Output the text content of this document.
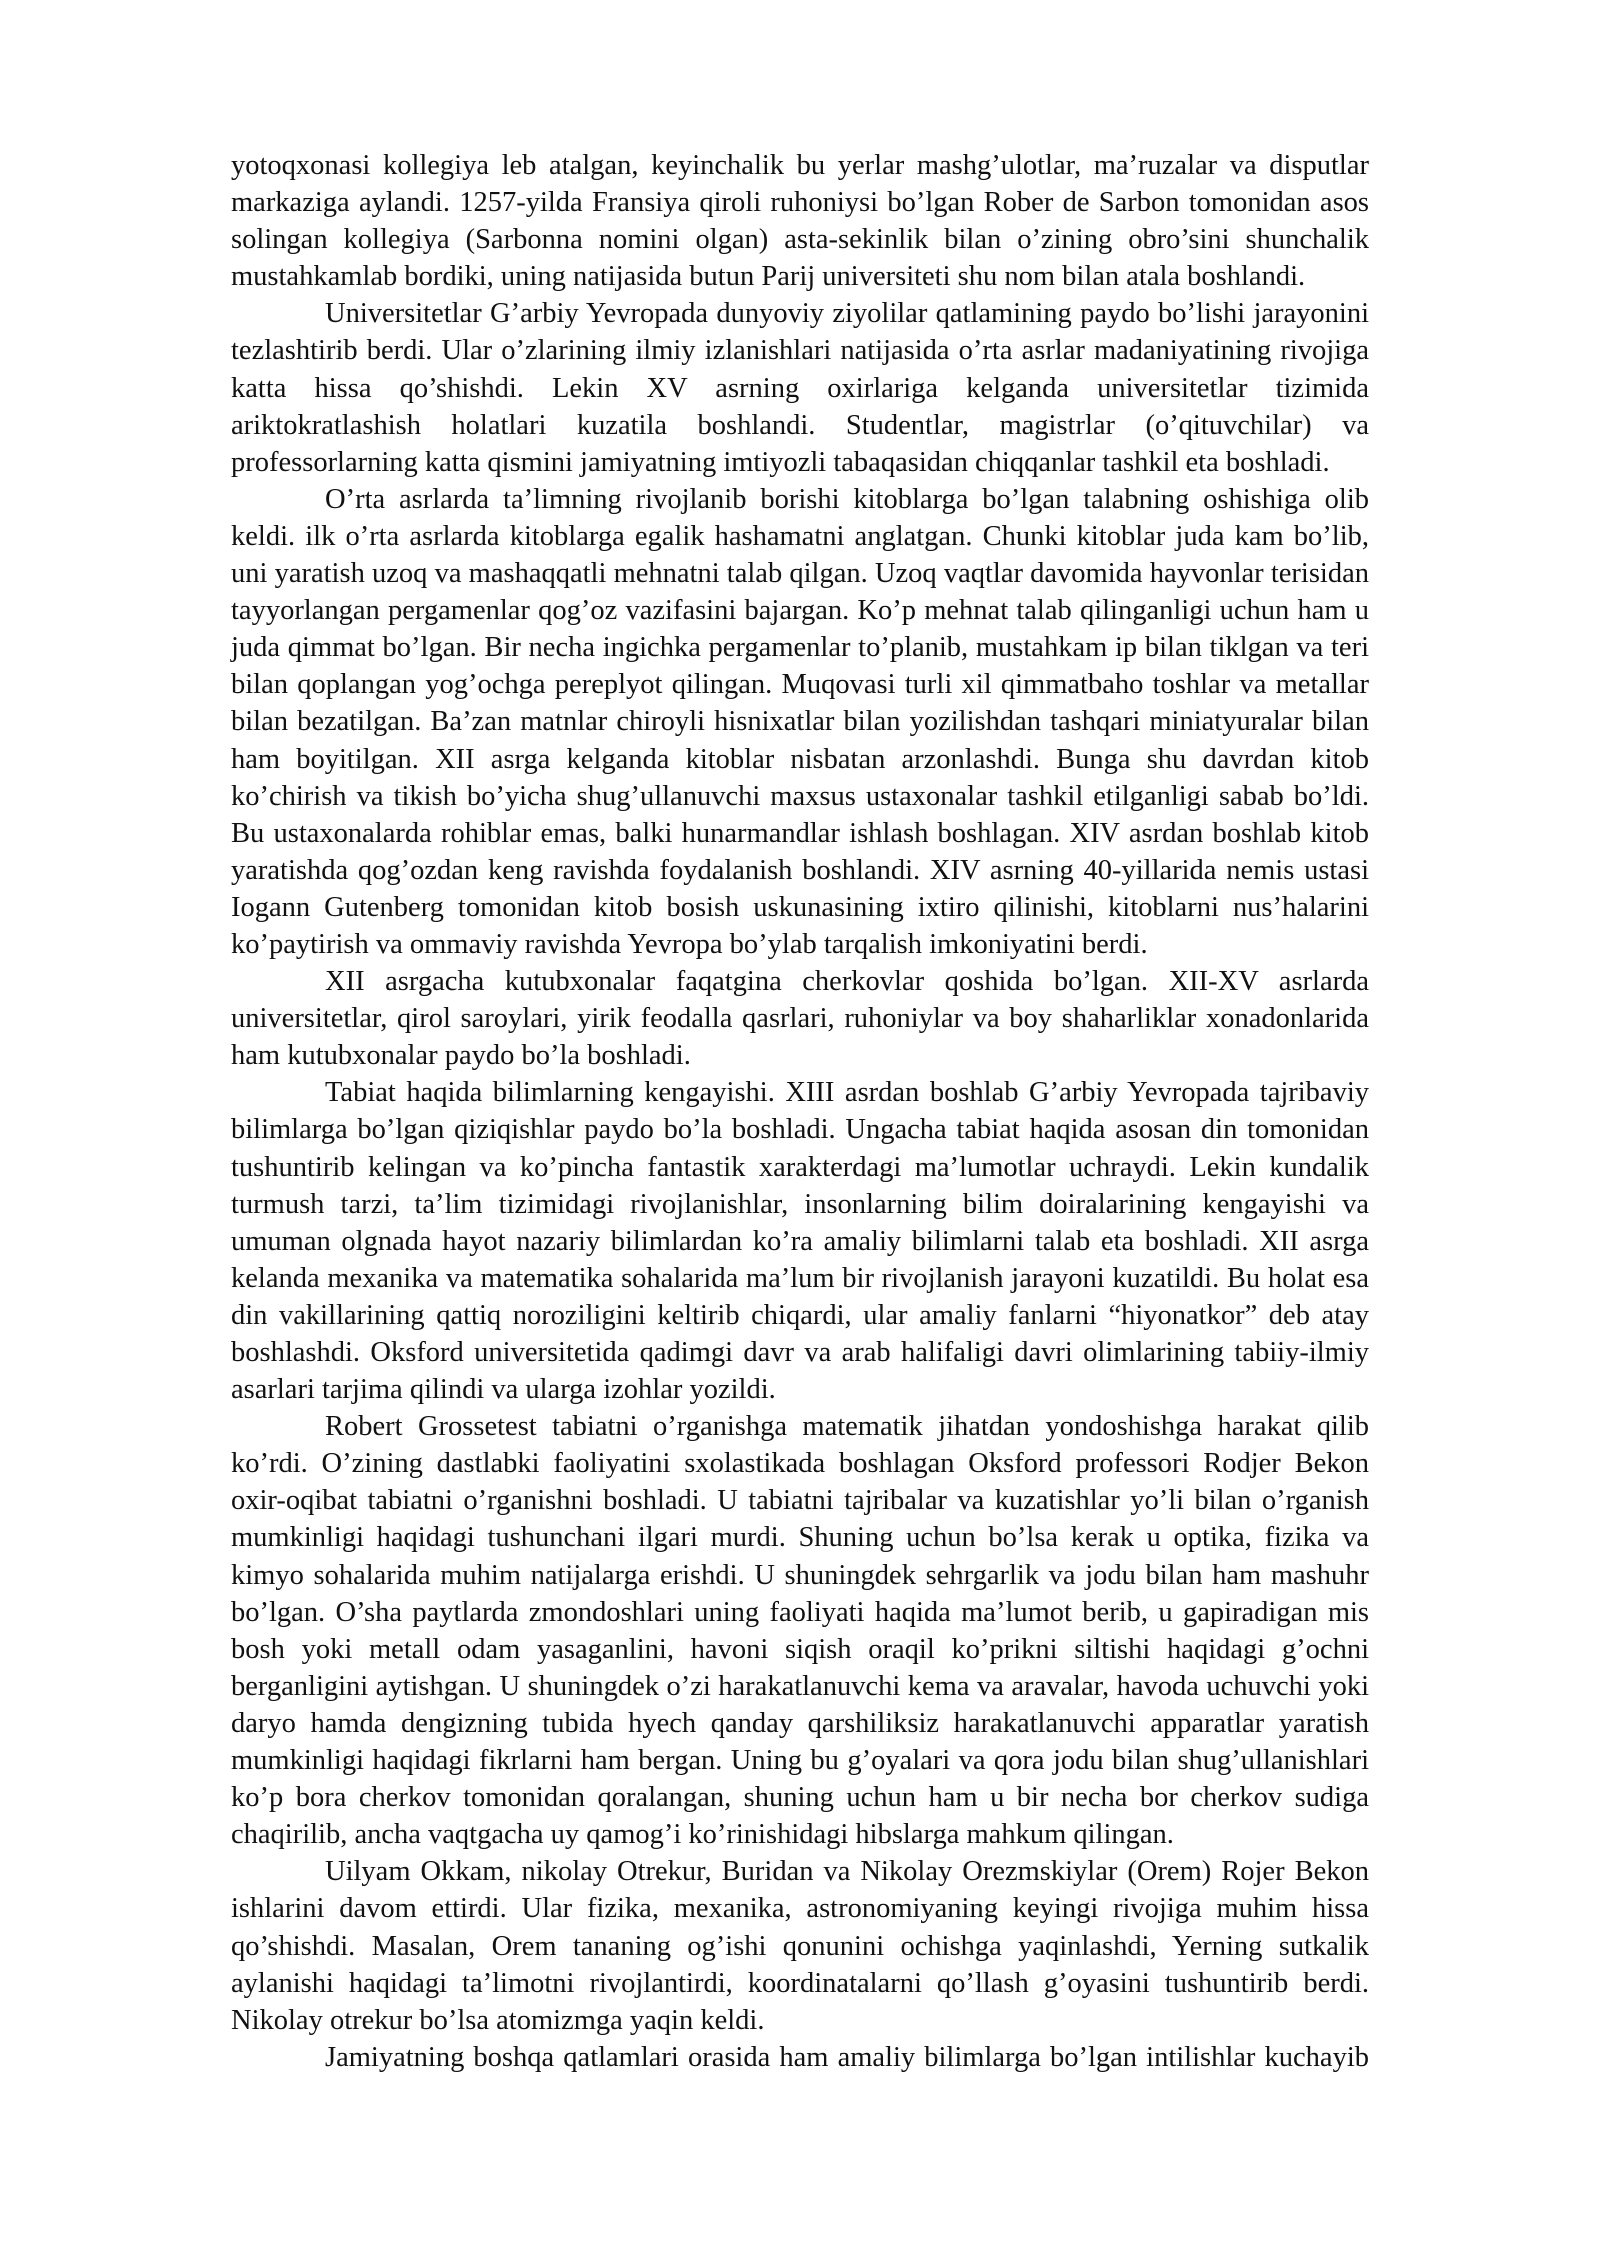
yotoqxonasi kollegiya leb atalgan, keyinchalik bu yerlar mashg’ulotlar, ma’ruzalar va disputlar markaziga aylandi. 1257-yilda Fransiya qiroli ruhoniysi bo’lgan Rober de Sarbon tomonidan asos solingan kollegiya (Sarbonna nomini olgan) asta-sekinlik bilan o’zining obro’sini shunchalik mustahkamlab bordiki, uning natijasida butun Parij universiteti shu nom bilan atala boshlandi.

Universitetlar G’arbiy Yevropada dunyoviy ziyolilar qatlamining paydo bo’lishi jarayonini tezlashtirib berdi. Ular o’zlarining ilmiy izlanishlari natijasida o’rta asrlar madaniyatining rivojiga katta hissa qo’shishdi. Lekin XV asrning oxirlariga kelganda universitetlar tizimida ariktokratlashish holatlari kuzatila boshlandi. Studentlar, magistrlar (o’qituvchilar) va professorlarning katta qismini jamiyatning imtiyozli tabaqasidan chiqqanlar tashkil eta boshladi.

O’rta asrlarda ta’limning rivojlanib borishi kitoblarga bo’lgan talabning oshishiga olib keldi. ilk o’rta asrlarda kitoblarga egalik hashamatni anglatgan. Chunki kitoblar juda kam bo’lib, uni yaratish uzoq va mashaqqatli mehnatni talab qilgan. Uzoq vaqtlar davomida hayvonlar terisidan tayyorlangan pergamenlar qog’oz vazifasini bajargan. Ko’p mehnat talab qilinganligi uchun ham u juda qimmat bo’lgan. Bir necha ingichka pergamenlar to’planib, mustahkam ip bilan tiklgan va teri bilan qoplangan yog’ochga pereplyot qilingan. Muqovasi turli xil qimmatbaho toshlar va metallar bilan bezatilgan. Ba’zan matnlar chiroyli hisnixatlar bilan yozilishdan tashqari miniatyuralar bilan ham boyitilgan. XII asrga kelganda kitoblar nisbatan arzonlashdi. Bunga shu davrdan kitob ko’chirish va tikish bo’yicha shug’ullanuvchi maxsus ustaxonalar tashkil etilganligi sabab bo’ldi. Bu ustaxonalarda rohiblar emas, balki hunarmandlar ishlash boshlagan. XIV asrdan boshlab kitob yaratishda qog’ozdan keng ravishda foydalanish boshlandi. XIV asrning 40-yillarida nemis ustasi Iogann Gutenberg tomonidan kitob bosish uskunasining ixtiro qilinishi, kitoblarni nus’halarini ko’paytirish va ommaviy ravishda Yevropa bo’ylab tarqalish imkoniyatini berdi.

XII asrgacha kutubxonalar faqatgina cherkovlar qoshida bo’lgan. XII-XV asrlarda universitetlar, qirol saroylari, yirik feodalla qasrlari, ruhoniylar va boy shaharliklar xonadonlarida ham kutubxonalar paydo bo’la boshladi.

Tabiat haqida bilimlarning kengayishi. XIII asrdan boshlab G’arbiy Yevropada tajribaviy bilimlarga bo’lgan qiziqishlar paydo bo’la boshladi. Ungacha tabiat haqida asosan din tomonidan tushuntirib kelingan va ko’pincha fantastik xarakterdagi ma’lumotlar uchraydi. Lekin kundalik turmush tarzi, ta’lim tizimidagi rivojlanishlar, insonlarning bilim doiralarining kengayishi va umuman olgnada hayot nazariy bilimlardan ko’ra amaliy bilimlarni talab eta boshladi. XII asrga kelanda mexanika va matematika sohalarida ma’lum bir rivojlanish jarayoni kuzatildi. Bu holat esa din vakillarining qattiq noroziligini keltirib chiqardi, ular amaliy fanlarni “hiyonatkor” deb atay boshlashdi. Oksford universitetida qadimgi davr va arab halifaligi davri olimlarining tabiiy-ilmiy asarlari tarjima qilindi va ularga izohlar yozildi.

Robert Grossetest tabiatni o’rganishga matematik jihatdan yondoshishga harakat qilib ko’rdi. O’zining dastlabki faoliyatini sxolastikada boshlagan Oksford professori Rodjer Bekon oxir-oqibat tabiatni o’rganishni boshladi. U tabiatni tajribalar va kuzatishlar yo’li bilan o’rganish mumkinligi haqidagi tushunchani ilgari murdi. Shuning uchun bo’lsa kerak u optika, fizika va kimyo sohalarida muhim natijalarga erishdi. U shuningdek sehrgarlik va jodu bilan ham mashuhr bo’lgan. O’sha paytlarda zmondoshlari uning faoliyati haqida ma’lumot berib, u gapiradigan mis bosh yoki metall odam yasaganlini, havoni siqish oraqil ko’prikni siltishi haqidagi g’ochni berganligini aytishgan. U shuningdek o’zi harakatlanuvchi kema va aravalar, havoda uchuvchi yoki daryo hamda dengizning tubida hyech qanday qarshiliksiz harakatlanuvchi apparatlar yaratish mumkinligi haqidagi fikrlarni ham bergan. Uning bu g’oyalari va qora jodu bilan shug’ullanishlari ko’p bora cherkov tomonidan qoralangan, shuning uchun ham u bir necha bor cherkov sudiga chaqirilib, ancha vaqtgacha uy qamog’i ko’rinishidagi hibslarga mahkum qilingan.

Uilyam Okkam, nikolay Otrekur, Buridan va Nikolay Orezmskiylar (Orem) Rojer Bekon ishlarini davom ettirdi. Ular fizika, mexanika, astronomiyaning keyingi rivojiga muhim hissa qo’shishdi. Masalan, Orem tananing og’ishi qonunini ochishga yaqinlashdi, Yerning sutkalik aylanishi haqidagi ta’limotni rivojlantirdi, koordinatalarni qo’llash g’oyasini tushuntirib berdi. Nikolay otrekur bo’lsa atomizmga yaqin keldi.

Jamiyatning boshqa qatlamlari orasida ham amaliy bilimlarga bo’lgan intilishlar kuchayib
